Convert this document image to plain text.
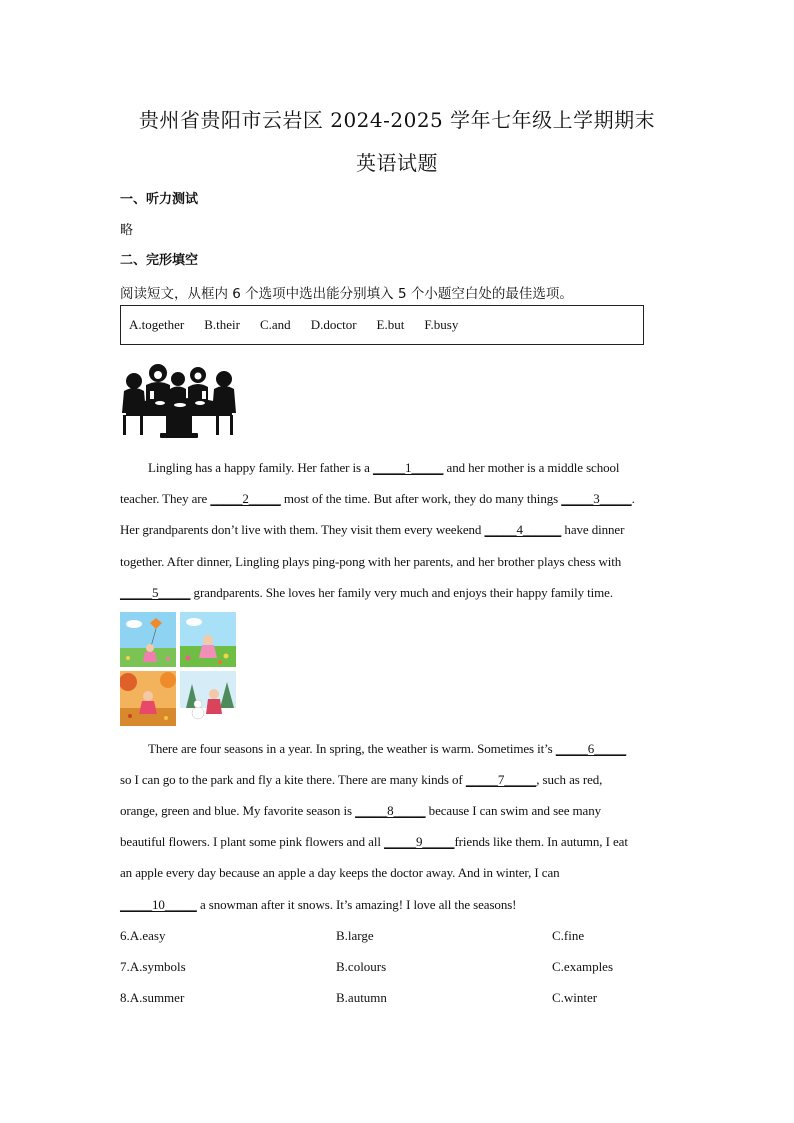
贵州省贵阳市云岩区 2024-2025 学年七年级上学期期末
英语试题
一、听力测试
略
二、完形填空
阅读短文，从框内 6 个选项中选出能分别填入 5 个小题空白处的最佳选项。
A.together B.their C.and D.doctor E.but F.busy
Lingling has a happy family. Her father is a _____1_____ and her mother is a middle school
teacher. They are _____2_____ most of the time. But after work, they do many things _____3_____.
Her grandparents don’t live with them. They visit them every weekend _____4______ have dinner
together. After dinner, Lingling plays ping-pong with her parents, and her brother plays chess with
_____5_____ grandparents. She loves her family very much and enjoys their happy family time.
There are four seasons in a year. In spring, the weather is warm. Sometimes it’s _____6_____
so I can go to the park and fly a kite there. There are many kinds of _____7_____, such as red,
orange, green and blue. My favorite season is _____8_____ because I can swim and see many
beautiful flowers. I plant some pink flowers and all _____9_____friends like them. In autumn, I eat
an apple every day because an apple a day keeps the doctor away. And in winter, I can
_____10_____ a snowman after it snows. It’s amazing! I love all the seasons!
6.A.easy	B.large	C.fine
7.A.symbols	B.colours	C.examples
8.A.summer	B.autumn	C.winter
